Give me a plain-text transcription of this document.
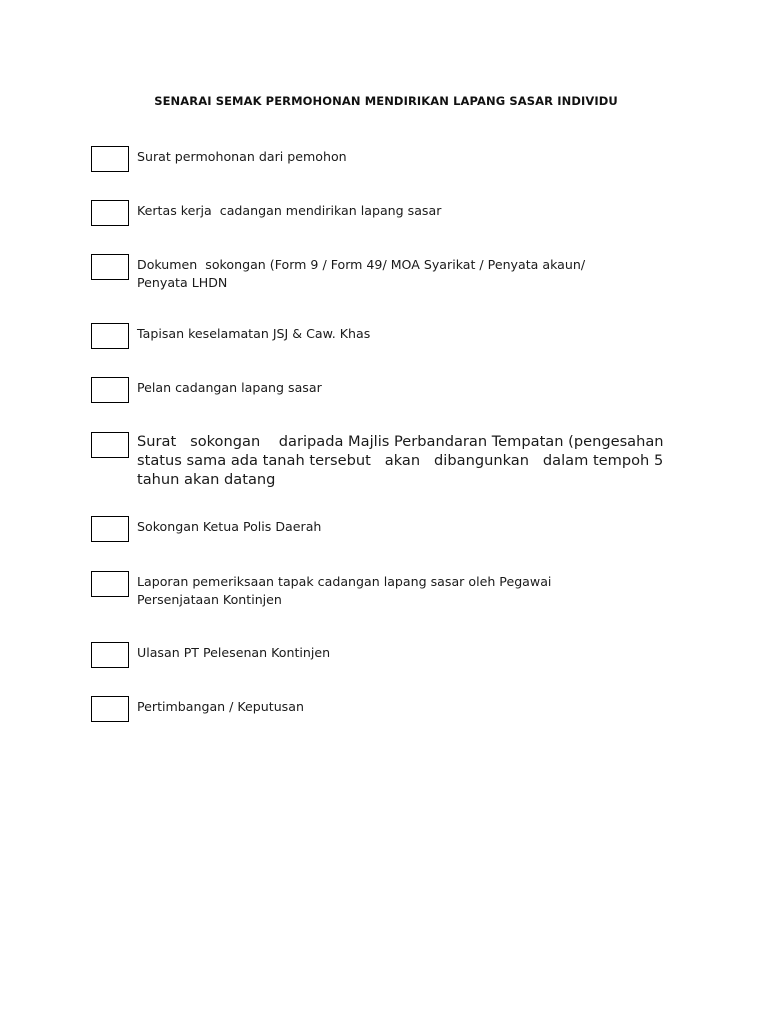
SENARAI SEMAK PERMOHONAN MENDIRIKAN LAPANG SASAR INDIVIDU
Surat permohonan dari pemohon
Kertas kerja  cadangan mendirikan lapang sasar
Dokumen  sokongan (Form 9 / Form 49/ MOA Syarikat / Penyata akaun/
Penyata LHDN
Tapisan keselamatan JSJ & Caw. Khas
Pelan cadangan lapang sasar
Surat   sokongan    daripada Majlis Perbandaran Tempatan (pengesahan
status sama ada tanah tersebut   akan   dibangunkan   dalam tempoh 5
tahun akan datang
Sokongan Ketua Polis Daerah
Laporan pemeriksaan tapak cadangan lapang sasar oleh Pegawai
Persenjataan Kontinjen
Ulasan PT Pelesenan Kontinjen
Pertimbangan / Keputusan
